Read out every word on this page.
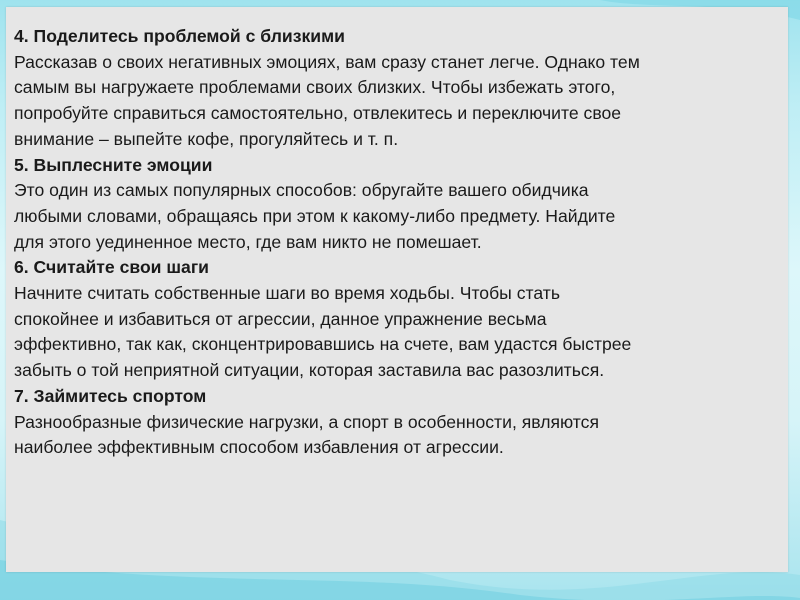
4. Поделитесь проблемой с близкими
Рассказав о своих негативных эмоциях, вам сразу станет легче. Однако тем
самым вы нагружаете проблемами своих близких. Чтобы избежать этого,
попробуйте справиться самостоятельно, отвлекитесь и переключите свое
внимание – выпейте кофе, прогуляйтесь и т. п.
5. Выплесните эмоции
Это один из самых популярных способов: обругайте вашего обидчика
любыми словами, обращаясь при этом к какому-либо предмету. Найдите
для этого уединенное место, где вам никто не помешает.
6. Считайте свои шаги
Начните считать собственные шаги во время ходьбы. Чтобы стать
спокойнее и избавиться от агрессии, данное упражнение весьма
эффективно, так как, сконцентрировавшись на счете, вам удастся быстрее
забыть о той неприятной ситуации, которая заставила вас разозлиться.
7. Займитесь спортом
Разнообразные физические нагрузки, а спорт в особенности, являются
наиболее эффективным способом избавления от агрессии.
